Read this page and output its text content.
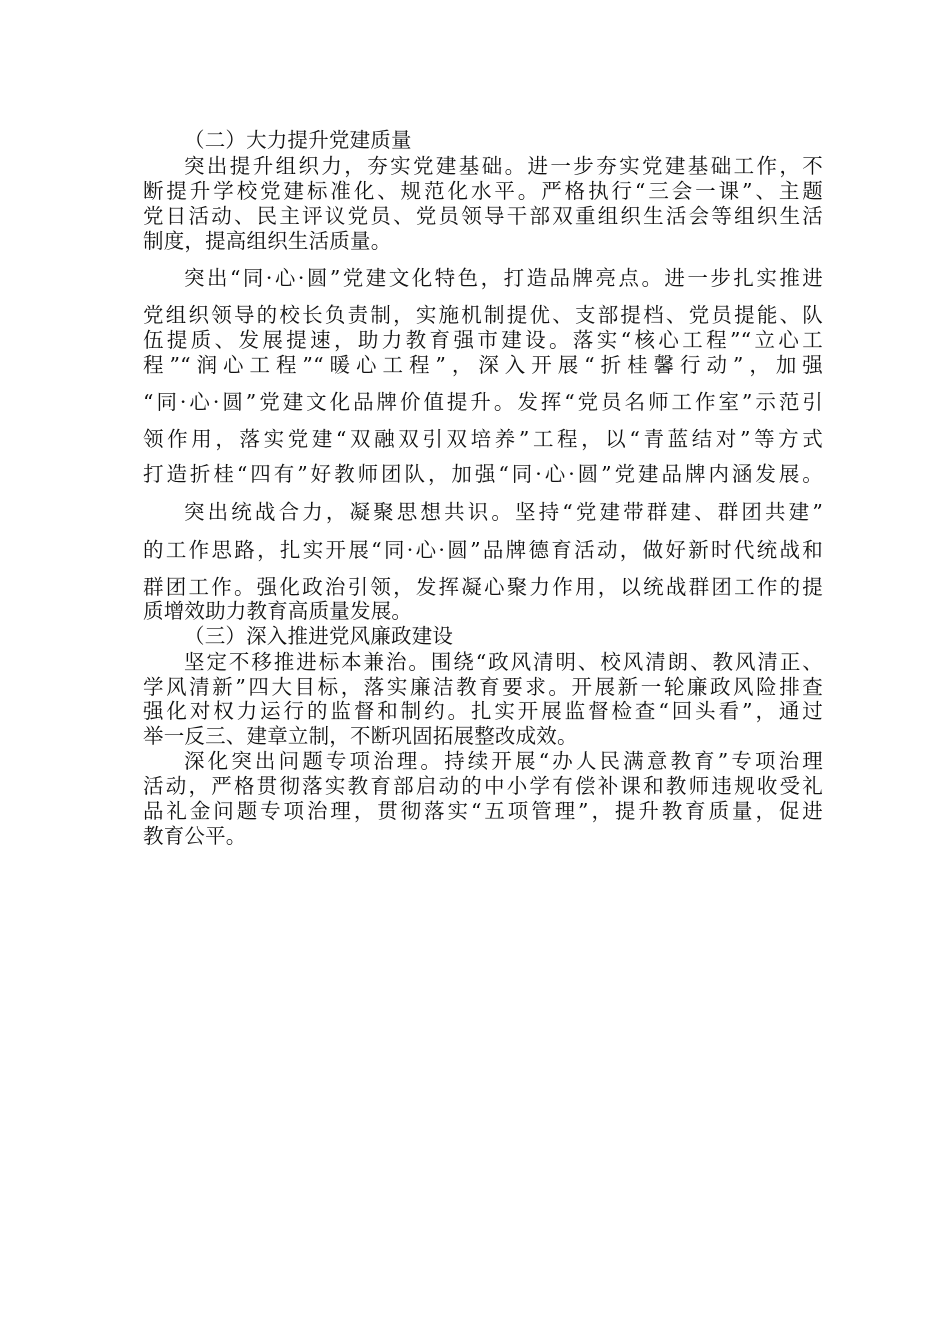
（二）大力提升党建质量
突出提升组织力，夯实党建基础。进一步夯实党建基础工作，不
断提升学校党建标准化、规范化水平。严格执行“三会一课”、主题
党日活动、民主评议党员、党员领导干部双重组织生活会等组织生活
制度，提高组织生活质量。
突出“同·心·圆”党建文化特色，打造品牌亮点。进一步扎实推进
党组织领导的校长负责制，实施机制提优、支部提档、党员提能、队
伍提质、发展提速，助力教育强市建设。落实“核心工程”“立心工
程”“润心工程”“暖心工程”，深入开展“折桂馨行动”，加强
“同·心·圆”党建文化品牌价值提升。发挥“党员名师工作室”示范引
领作用，落实党建“双融双引双培养”工程，以“青蓝结对”等方式
打造折桂“四有”好教师团队，加强“同·心·圆”党建品牌内涵发展。
突出统战合力，凝聚思想共识。坚持“党建带群建、群团共建”
的工作思路，扎实开展“同·心·圆”品牌德育活动，做好新时代统战和
群团工作。强化政治引领，发挥凝心聚力作用，以统战群团工作的提
质增效助力教育高质量发展。
（三）深入推进党风廉政建设
坚定不移推进标本兼治。围绕“政风清明、校风清朗、教风清正、
学风清新”四大目标，落实廉洁教育要求。开展新一轮廉政风险排查
强化对权力运行的监督和制约。扎实开展监督检查“回头看”，通过
举一反三、建章立制，不断巩固拓展整改成效。
深化突出问题专项治理。持续开展“办人民满意教育”专项治理
活动，严格贯彻落实教育部启动的中小学有偿补课和教师违规收受礼
品礼金问题专项治理，贯彻落实“五项管理”，提升教育质量，促进
教育公平。
